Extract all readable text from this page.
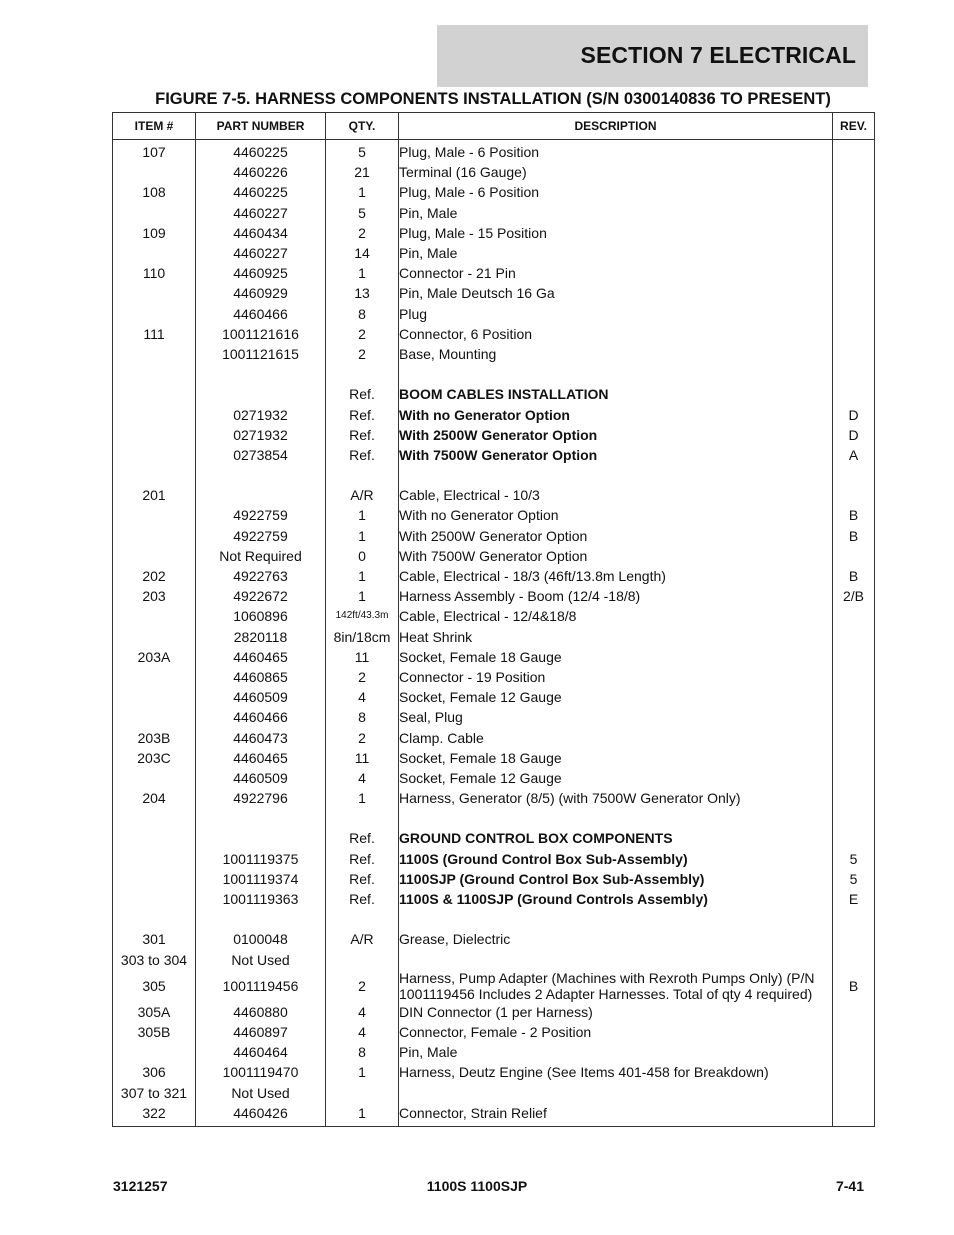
SECTION 7 ELECTRICAL
FIGURE 7-5. HARNESS COMPONENTS INSTALLATION (S/N 0300140836 TO PRESENT)
ITEM #	PART NUMBER	QTY.	DESCRIPTION	REV.
107	4460225	5	Plug, Male - 6 Position	
	4460226	21	Terminal (16 Gauge)	
108	4460225	1	Plug, Male - 6 Position	
	4460227	5	Pin, Male	
109	4460434	2	Plug, Male - 15 Position	
	4460227	14	Pin, Male	
110	4460925	1	Connector - 21 Pin	
	4460929	13	Pin, Male Deutsch 16 Ga	
	4460466	8	Plug	
111	1001121616	2	Connector, 6 Position	
	1001121615	2	Base, Mounting	

		Ref.	BOOM CABLES INSTALLATION	
	0271932	Ref.	With no Generator Option	D
	0271932	Ref.	With 2500W Generator Option	D
	0273854	Ref.	With 7500W Generator Option	A

201		A/R	Cable, Electrical - 10/3	
	4922759	1	With no Generator Option	B
	4922759	1	With 2500W Generator Option	B
	Not Required	0	With 7500W Generator Option	
202	4922763	1	Cable, Electrical - 18/3 (46ft/13.8m Length)	B
203	4922672	1	Harness Assembly - Boom (12/4 -18/8)	2/B
	1060896	142ft/43.3m	Cable, Electrical - 12/4&18/8	
	2820118	8in/18cm	Heat Shrink	
203A	4460465	11	Socket, Female 18 Gauge	
	4460865	2	Connector - 19 Position	
	4460509	4	Socket, Female 12 Gauge	
	4460466	8	Seal, Plug	
203B	4460473	2	Clamp. Cable	
203C	4460465	11	Socket, Female 18 Gauge	
	4460509	4	Socket, Female 12 Gauge	
204	4922796	1	Harness, Generator (8/5) (with 7500W Generator Only)	

		Ref.	GROUND CONTROL BOX COMPONENTS	
	1001119375	Ref.	1100S (Ground Control Box Sub-Assembly)	5
	1001119374	Ref.	1100SJP (Ground Control Box Sub-Assembly)	5
	1001119363	Ref.	1100S & 1100SJP (Ground Controls Assembly)	E

301	0100048	A/R	Grease, Dielectric	
303 to 304	Not Used			
305	1001119456	2	Harness, Pump Adapter (Machines with Rexroth Pumps Only) (P/N 1001119456 Includes 2 Adapter Harnesses. Total of qty 4 required)	B
305A	4460880	4	DIN Connector (1 per Harness)	
305B	4460897	4	Connector, Female - 2 Position	
	4460464	8	Pin, Male	
306	1001119470	1	Harness, Deutz Engine (See Items 401-458 for Breakdown)	
307 to 321	Not Used			
322	4460426	1	Connector, Strain Relief	
3121257	1100S 1100SJP	7-41
